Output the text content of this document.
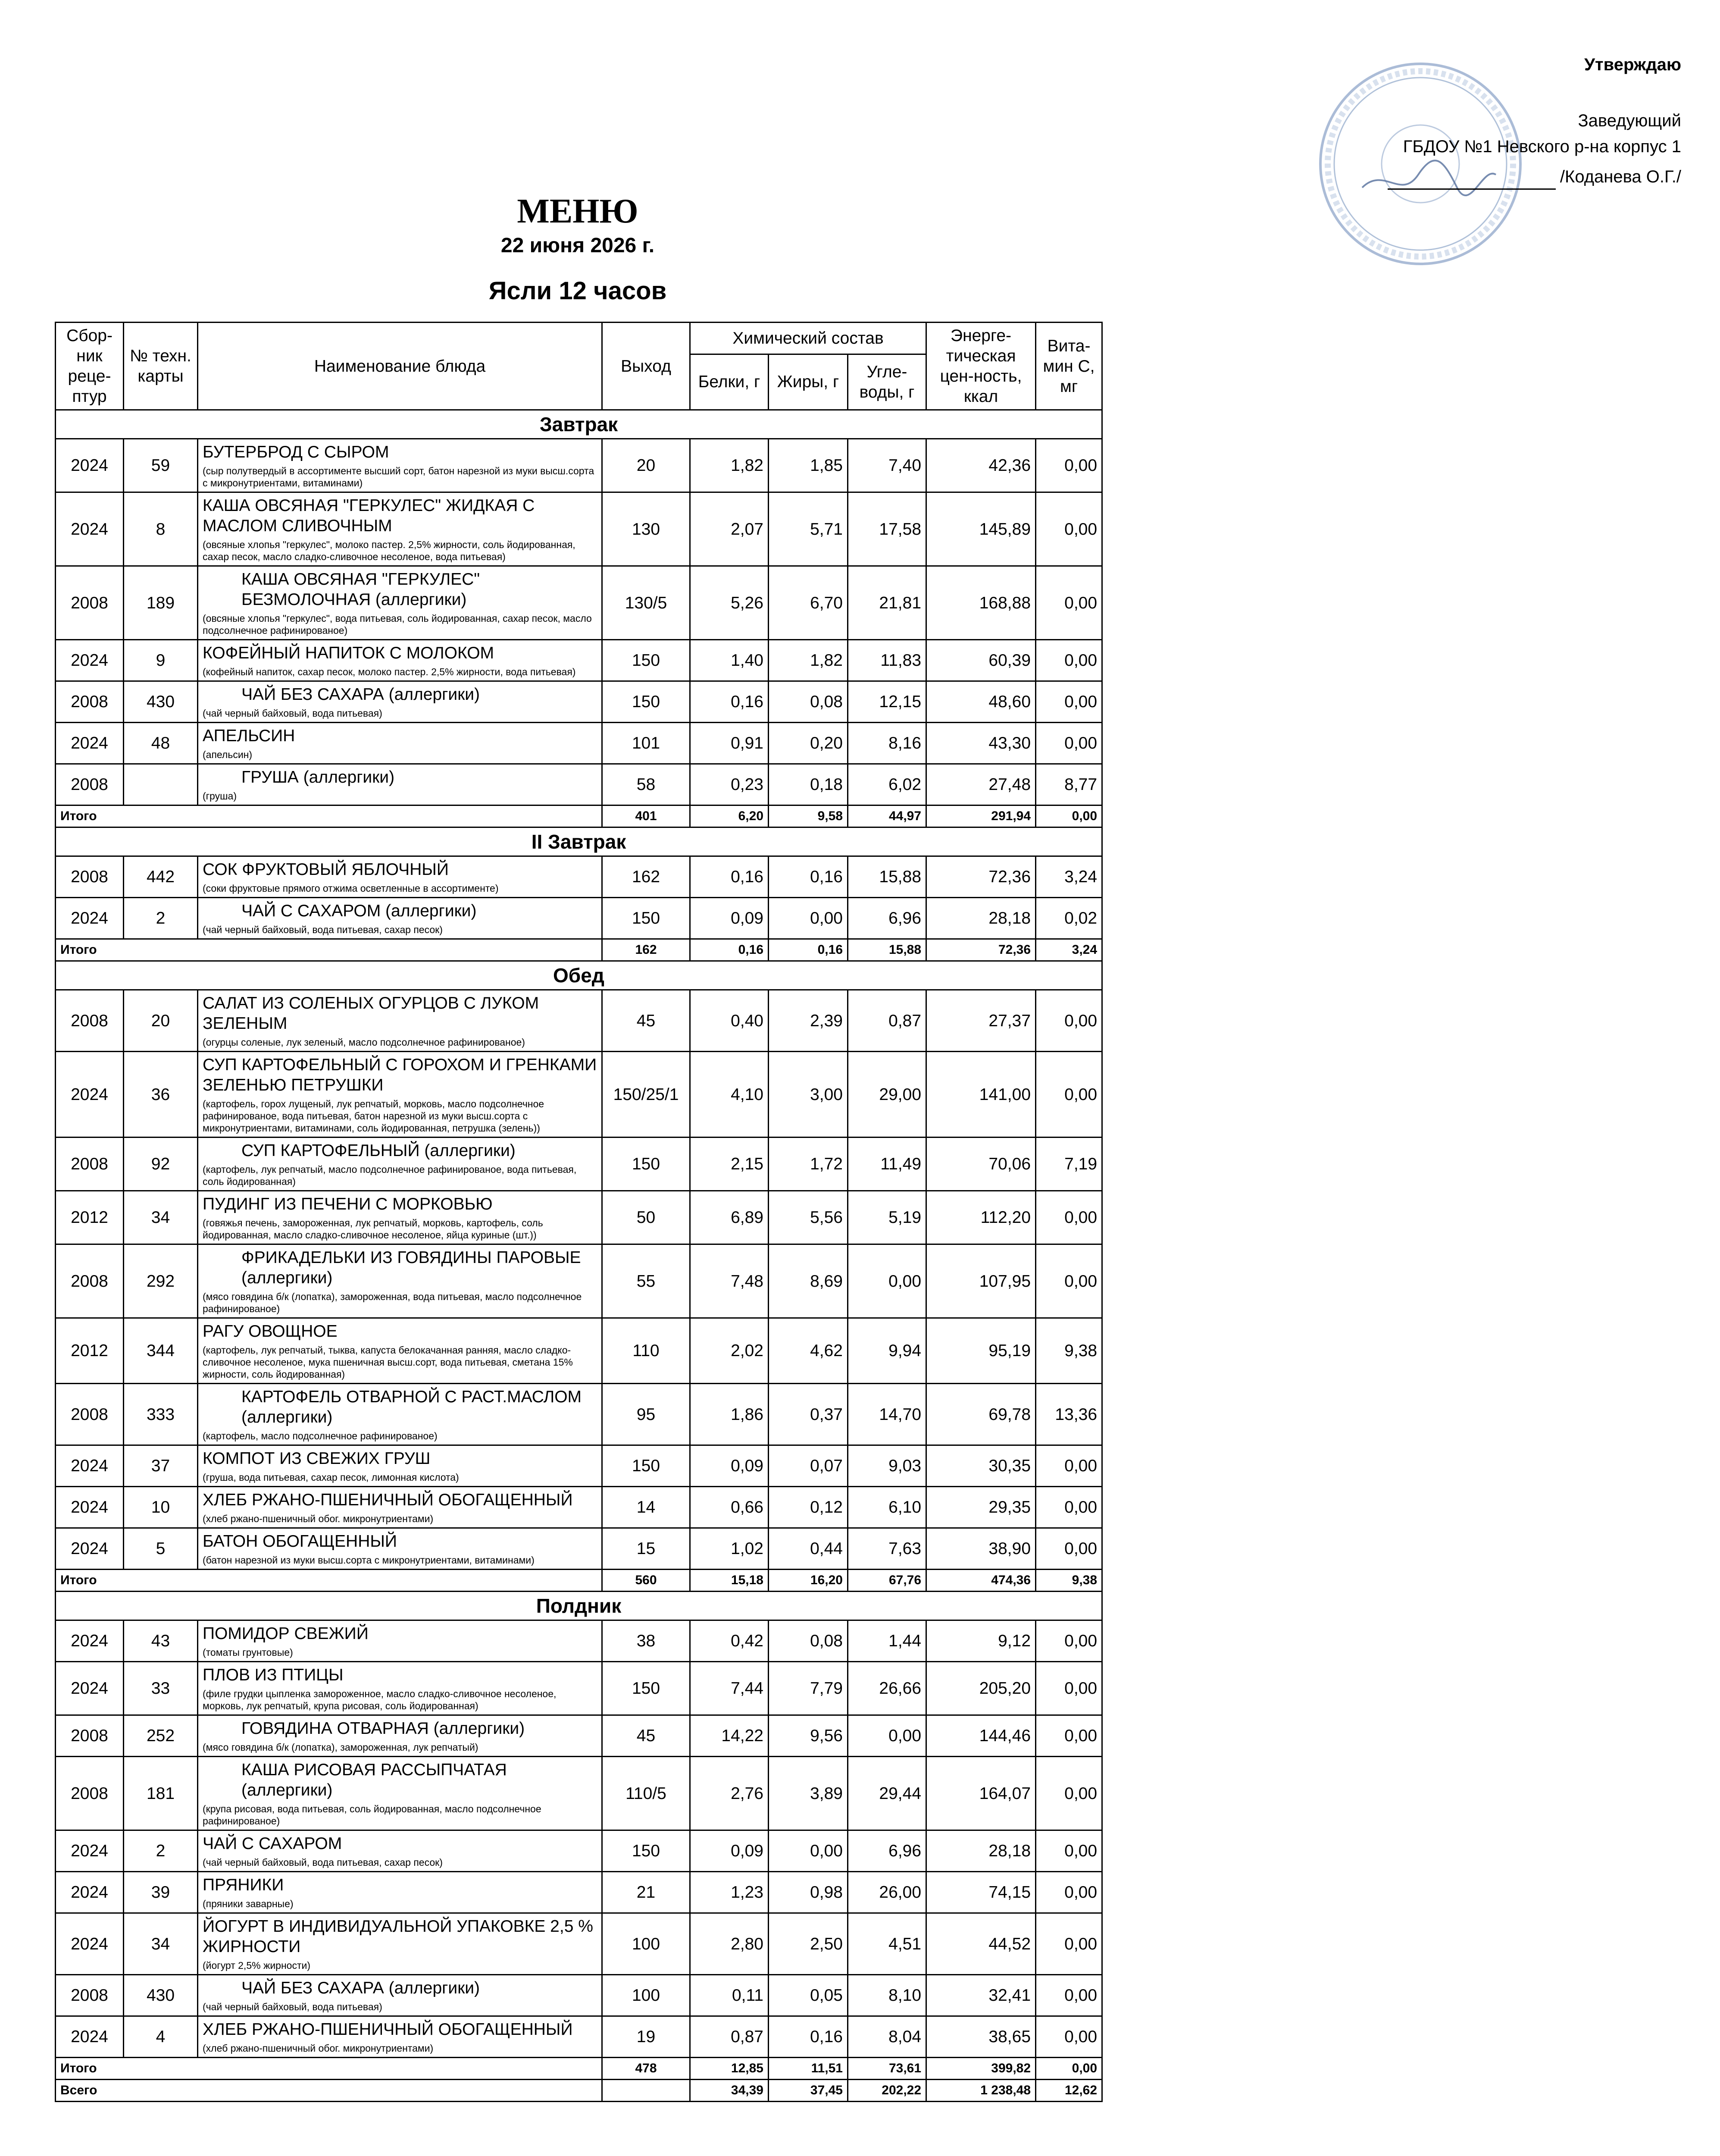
Утверждаю
Заведующий
ГБДОУ №1 Невского р-на корпус 1
/Коданева О.Г./
МЕНЮ
22 июня 2026 г.
Ясли 12 часов
Сбор-ник реце-птур	№ техн. карты	Наименование блюда	Выход	Химический состав			Энерге-тическая цен-ность, ккал	Вита-мин С, мг
				Белки, г	Жиры, г	Угле-воды, г		
Завтрак								
2024	59	БУТЕРБРОД С СЫРОМ
(сыр полутвердый в ассортименте высший сорт, батон нарезной из муки высш.сорта с микронутриентами, витаминами)	20	1,82	1,85	7,40	42,36	0,00
2024	8	КАША ОВСЯНАЯ "ГЕРКУЛЕС" ЖИДКАЯ С МАСЛОМ СЛИВОЧНЫМ
(овсяные хлопья "геркулес", молоко пастер. 2,5% жирности, соль йодированная, сахар песок, масло сладко-сливочное несоленое, вода питьевая)	130	2,07	5,71	17,58	145,89	0,00
2008	189	КАША ОВСЯНАЯ "ГЕРКУЛЕС" БЕЗМОЛОЧНАЯ (аллергики)
(овсяные хлопья "геркулес", вода питьевая, соль йодированная, сахар песок, масло подсолнечное рафинированое)	130/5	5,26	6,70	21,81	168,88	0,00
2024	9	КОФЕЙНЫЙ НАПИТОК С МОЛОКОМ
(кофейный напиток, сахар песок, молоко пастер. 2,5% жирности, вода питьевая)	150	1,40	1,82	11,83	60,39	0,00
2008	430	ЧАЙ БЕЗ САХАРА (аллергики)
(чай черный байховый, вода питьевая)	150	0,16	0,08	12,15	48,60	0,00
2024	48	АПЕЛЬСИН
(апельсин)	101	0,91	0,20	8,16	43,30	0,00
2008		ГРУША (аллергики)
(груша)	58	0,23	0,18	6,02	27,48	8,77
Итого			401	6,20	9,58	44,97	291,94	0,00
II Завтрак								
2008	442	СОК ФРУКТОВЫЙ ЯБЛОЧНЫЙ
(соки фруктовые прямого отжима осветленные в ассортименте)	162	0,16	0,16	15,88	72,36	3,24
2024	2	ЧАЙ С САХАРОМ (аллергики)
(чай черный байховый, вода питьевая, сахар песок)	150	0,09	0,00	6,96	28,18	0,02
Итого			162	0,16	0,16	15,88	72,36	3,24
Обед								
2008	20	САЛАТ ИЗ СОЛЕНЫХ ОГУРЦОВ С ЛУКОМ ЗЕЛЕНЫМ
(огурцы соленые, лук зеленый, масло подсолнечное рафинированое)	45	0,40	2,39	0,87	27,37	0,00
2024	36	СУП КАРТОФЕЛЬНЫЙ С ГОРОХОМ И ГРЕНКАМИ ЗЕЛЕНЬЮ ПЕТРУШКИ
(картофель, горох лущеный, лук репчатый, морковь, масло подсолнечное рафинированое, вода питьевая, батон нарезной из муки высш.сорта с микронутриентами, витаминами, соль йодированная, петрушка (зелень))	150/25/1	4,10	3,00	29,00	141,00	0,00
2008	92	СУП КАРТОФЕЛЬНЫЙ (аллергики)
(картофель, лук репчатый, масло подсолнечное рафинированое, вода питьевая, соль йодированная)	150	2,15	1,72	11,49	70,06	7,19
2012	34	ПУДИНГ ИЗ ПЕЧЕНИ С МОРКОВЬЮ
(говяжья печень, замороженная, лук репчатый, морковь, картофель, соль йодированная, масло сладко-сливочное несоленое, яйца куриные (шт.))	50	6,89	5,56	5,19	112,20	0,00
2008	292	ФРИКАДЕЛЬКИ ИЗ ГОВЯДИНЫ ПАРОВЫЕ (аллергики)
(мясо говядина б/к (лопатка), замороженная, вода питьевая, масло подсолнечное рафинированое)	55	7,48	8,69	0,00	107,95	0,00
2012	344	РАГУ ОВОЩНОЕ
(картофель, лук репчатый, тыква, капуста белокачанная ранняя, масло сладко-сливочное несоленое, мука пшеничная высш.сорт, вода питьевая, сметана 15% жирности, соль йодированная)	110	2,02	4,62	9,94	95,19	9,38
2008	333	КАРТОФЕЛЬ ОТВАРНОЙ С РАСТ.МАСЛОМ (аллергики)
(картофель, масло подсолнечное рафинированое)	95	1,86	0,37	14,70	69,78	13,36
2024	37	КОМПОТ ИЗ СВЕЖИХ ГРУШ
(груша, вода питьевая, сахар песок, лимонная кислота)	150	0,09	0,07	9,03	30,35	0,00
2024	10	ХЛЕБ РЖАНО-ПШЕНИЧНЫЙ ОБОГАЩЕННЫЙ
(хлеб ржано-пшеничный обог. микронутриентами)	14	0,66	0,12	6,10	29,35	0,00
2024	5	БАТОН ОБОГАЩЕННЫЙ
(батон нарезной из муки высш.сорта с микронутриентами, витаминами)	15	1,02	0,44	7,63	38,90	0,00
Итого			560	15,18	16,20	67,76	474,36	9,38
Полдник								
2024	43	ПОМИДОР СВЕЖИЙ
(томаты грунтовые)	38	0,42	0,08	1,44	9,12	0,00
2024	33	ПЛОВ ИЗ ПТИЦЫ
(филе грудки цыпленка замороженное, масло сладко-сливочное несоленое, морковь, лук репчатый, крупа рисовая, соль йодированная)	150	7,44	7,79	26,66	205,20	0,00
2008	252	ГОВЯДИНА ОТВАРНАЯ (аллергики)
(мясо говядина б/к (лопатка), замороженная, лук репчатый)	45	14,22	9,56	0,00	144,46	0,00
2008	181	КАША РИСОВАЯ РАССЫПЧАТАЯ (аллергики)
(крупа рисовая, вода питьевая, соль йодированная, масло подсолнечное рафинированое)	110/5	2,76	3,89	29,44	164,07	0,00
2024	2	ЧАЙ С САХАРОМ
(чай черный байховый, вода питьевая, сахар песок)	150	0,09	0,00	6,96	28,18	0,00
2024	39	ПРЯНИКИ
(пряники заварные)	21	1,23	0,98	26,00	74,15	0,00
2024	34	ЙОГУРТ В ИНДИВИДУАЛЬНОЙ УПАКОВКЕ 2,5 % ЖИРНОСТИ
(йогурт 2,5% жирности)	100	2,80	2,50	4,51	44,52	0,00
2008	430	ЧАЙ БЕЗ САХАРА (аллергики)
(чай черный байховый, вода питьевая)	100	0,11	0,05	8,10	32,41	0,00
2024	4	ХЛЕБ РЖАНО-ПШЕНИЧНЫЙ ОБОГАЩЕННЫЙ
(хлеб ржано-пшеничный обог. микронутриентами)	19	0,87	0,16	8,04	38,65	0,00
Итого			478	12,85	11,51	73,61	399,82	0,00
Всего				34,39	37,45	202,22	1 238,48	12,62
